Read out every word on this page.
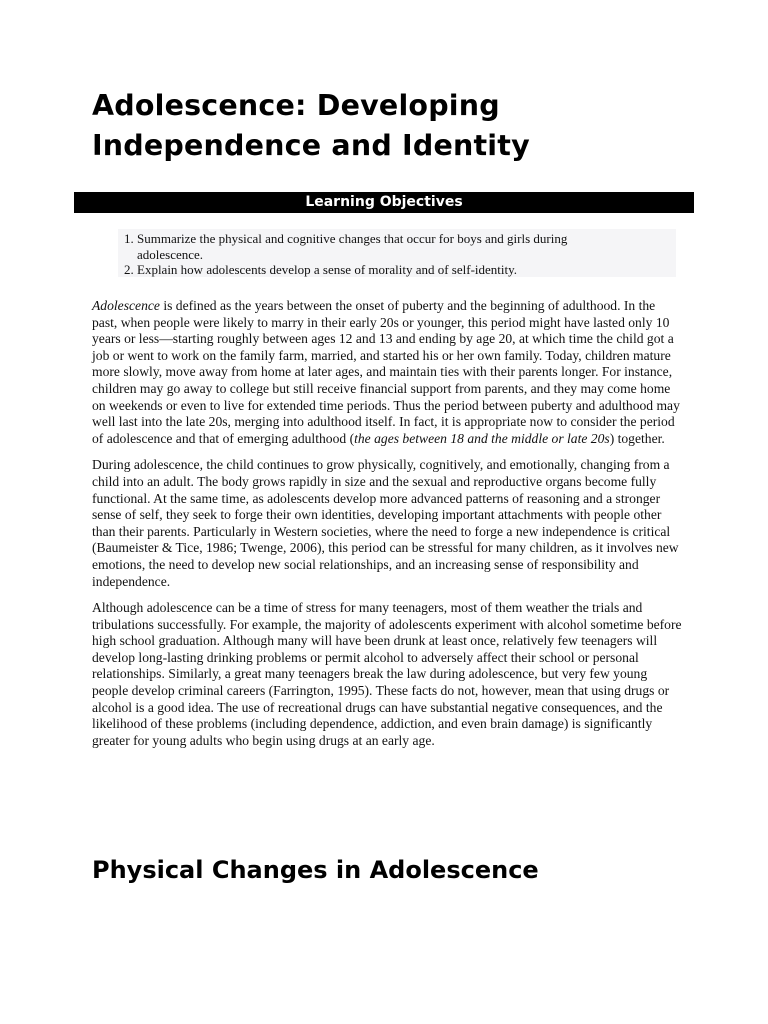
Adolescence: Developing Independence and Identity
Learning Objectives
1. Summarize the physical and cognitive changes that occur for boys and girls during adolescence.
2. Explain how adolescents develop a sense of morality and of self-identity.

Adolescence is defined as the years between the onset of puberty and the beginning of adulthood. In the past, when people were likely to marry in their early 20s or younger, this period might have lasted only 10 years or less—starting roughly between ages 12 and 13 and ending by age 20, at which time the child got a job or went to work on the family farm, married, and started his or her own family. Today, children mature more slowly, move away from home at later ages, and maintain ties with their parents longer. For instance, children may go away to college but still receive financial support from parents, and they may come home on weekends or even to live for extended time periods. Thus the period between puberty and adulthood may well last into the late 20s, merging into adulthood itself. In fact, it is appropriate now to consider the period of adolescence and that of emerging adulthood (the ages between 18 and the middle or late 20s) together.

During adolescence, the child continues to grow physically, cognitively, and emotionally, changing from a child into an adult. The body grows rapidly in size and the sexual and reproductive organs become fully functional. At the same time, as adolescents develop more advanced patterns of reasoning and a stronger sense of self, they seek to forge their own identities, developing important attachments with people other than their parents. Particularly in Western societies, where the need to forge a new independence is critical (Baumeister & Tice, 1986; Twenge, 2006), this period can be stressful for many children, as it involves new emotions, the need to develop new social relationships, and an increasing sense of responsibility and independence.

Although adolescence can be a time of stress for many teenagers, most of them weather the trials and tribulations successfully. For example, the majority of adolescents experiment with alcohol sometime before high school graduation. Although many will have been drunk at least once, relatively few teenagers will develop long-lasting drinking problems or permit alcohol to adversely affect their school or personal relationships. Similarly, a great many teenagers break the law during adolescence, but very few young people develop criminal careers (Farrington, 1995). These facts do not, however, mean that using drugs or alcohol is a good idea. The use of recreational drugs can have substantial negative consequences, and the likelihood of these problems (including dependence, addiction, and even brain damage) is significantly greater for young adults who begin using drugs at an early age.

Physical Changes in Adolescence
